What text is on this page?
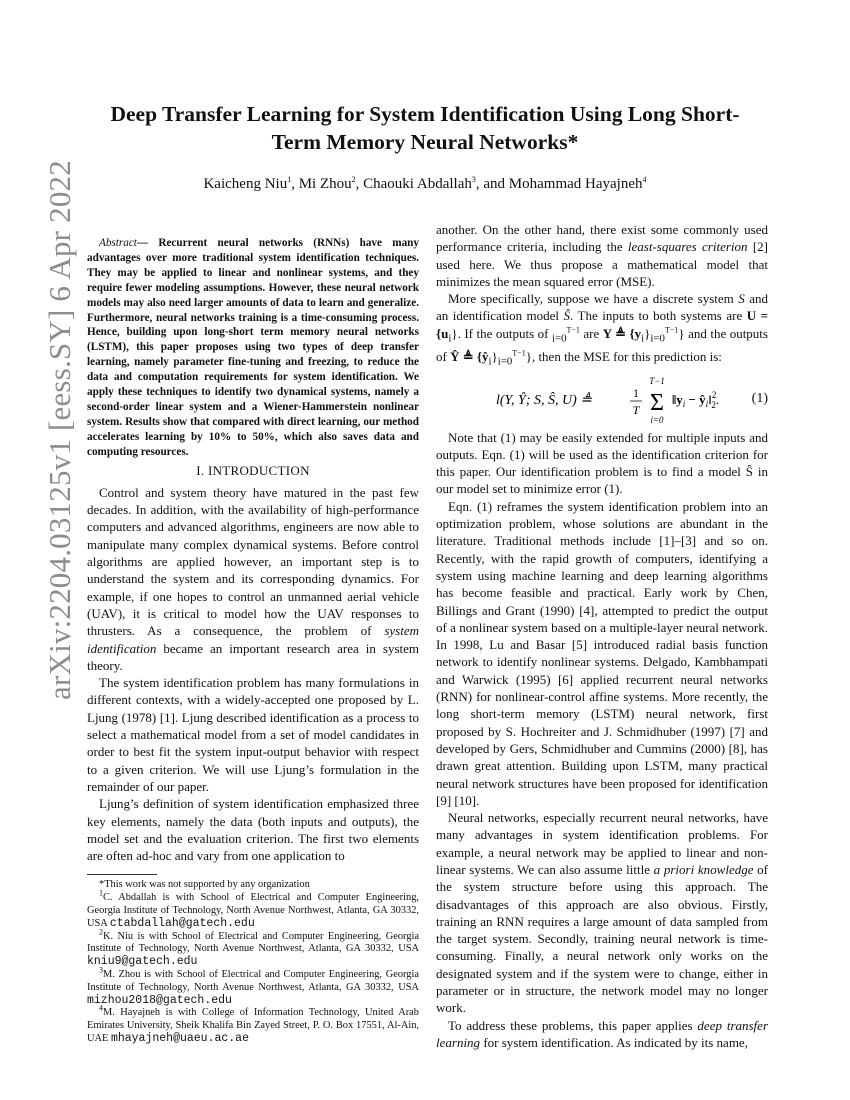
arXiv:2204.03125v1 [eess.SY] 6 Apr 2022
Deep Transfer Learning for System Identification Using Long Short-Term Memory Neural Networks*
Kaicheng Niu$^1$, Mi Zhou$^2$, Chaouki Abdallah$^3$, and Mohammad Hayajneh$^4$

Abstract— Recurrent neural networks (RNNs) have many advantages over more traditional system identification techniques. They may be applied to linear and nonlinear systems, and they require fewer modeling assumptions. However, these neural network models may also need larger amounts of data to learn and generalize. Furthermore, neural networks training is a time-consuming process. Hence, building upon long-short term memory neural networks (LSTM), this paper proposes using two types of deep transfer learning, namely parameter fine-tuning and freezing, to reduce the data and computation requirements for system identification. We apply these techniques to identify two dynamical systems, namely a second-order linear system and a Wiener-Hammerstein nonlinear system. Results show that compared with direct learning, our method accelerates learning by 10% to 50%, which also saves data and computing resources.

I. INTRODUCTION

Control and system theory have matured in the past few decades. In addition, with the availability of high-performance computers and advanced algorithms, engineers are now able to manipulate many complex dynamical systems. Before control algorithms are applied however, an important step is to understand the system and its corresponding dynamics. For example, if one hopes to control an unmanned aerial vehicle (UAV), it is critical to model how the UAV responses to thrusters. As a consequence, the problem of system identification became an important research area in system theory.

The system identification problem has many formulations in different contexts, with a widely-accepted one proposed by L. Ljung (1978) [1]. Ljung described identification as a process to select a mathematical model from a set of model candidates in order to best fit the system input-output behavior with respect to a given criterion. We will use Ljung’s formulation in the remainder of our paper.

Ljung’s definition of system identification emphasized three key elements, namely the data (both inputs and outputs), the model set and the evaluation criterion. The first two elements are often ad-hoc and vary from one application to

*This work was not supported by any organization

$^1$C. Abdallah is with School of Electrical and Computer Engineering, Georgia Institute of Technology, North Avenue Northwest, Atlanta, GA 30332, USA ctabdallah@gatech.edu

$^2$K. Niu is with School of Electrical and Computer Engineering, Georgia Institute of Technology, North Avenue Northwest, Atlanta, GA 30332, USA kniu9@gatech.edu

$^3$M. Zhou is with School of Electrical and Computer Engineering, Georgia Institute of Technology, North Avenue Northwest, Atlanta, GA 30332, USA mizhou2018@gatech.edu

$^4$M. Hayajneh is with College of Information Technology, United Arab Emirates University, Sheik Khalifa Bin Zayed Street, P. O. Box 17551, Al-Ain, UAE mhayajneh@uaeu.ac.ae

another. On the other hand, there exist some commonly used performance criteria, including the least-squares criterion [2] used here. We thus propose a mathematical model that minimizes the mean squared error (MSE).

More specifically, suppose we have a discrete system S and an identification model Ŝ. The inputs to both systems are $U = \{u_i\}$. If the outputs of $_{i=0}^{T-1}$ are Y ≜ $\{y_i\}_{i=0}^{T-1}$} and the outputs of Ŷ ≜ $\{ŷ_i\}_{i=0}^{T-1}$}, then the MSE for this prediction is:

l(Y, Ŷ; S, Ŝ, U) ≜	1
T
T−1
Σ
i=0
$‖y_i$ − $ŷ_i‖^2$ 2. (1)

Note that (1) may be easily extended for multiple inputs and outputs. Eqn. (1) will be used as the identification criterion for this paper. Our identification problem is to find a model Ŝ in our model set to minimize error (1).

Eqn. (1) reframes the system identification problem into an optimization problem, whose solutions are abundant in the literature. Traditional methods include [1]–[3] and so on. Recently, with the rapid growth of computers, identifying a system using machine learning and deep learning algorithms has become feasible and practical. Early work by Chen, Billings and Grant (1990) [4], attempted to predict the output of a nonlinear system based on a multiple-layer neural network. In 1998, Lu and Basar [5] introduced radial basis function network to identify nonlinear systems. Delgado, Kambhampati and Warwick (1995) [6] applied recurrent neural networks (RNN) for nonlinear-control affine systems. More recently, the long short-term memory (LSTM) neural network, first proposed by S. Hochreiter and J. Schmidhuber (1997) [7] and developed by Gers, Schmidhuber and Cummins (2000) [8], has drawn great attention. Building upon LSTM, many practical neural network structures have been proposed for identification [9] [10].

Neural networks, especially recurrent neural networks, have many advantages in system identification problems. For example, a neural network may be applied to linear and non-linear systems. We can also assume little a priori knowledge of the system structure before using this approach. The disadvantages of this approach are also obvious. Firstly, training an RNN requires a large amount of data sampled from the target system. Secondly, training neural network is time-consuming. Finally, a neural network only works on the designated system and if the system were to change, either in parameter or in structure, the network model may no longer work.

To address these problems, this paper applies deep transfer learning for system identification. As indicated by its name,
